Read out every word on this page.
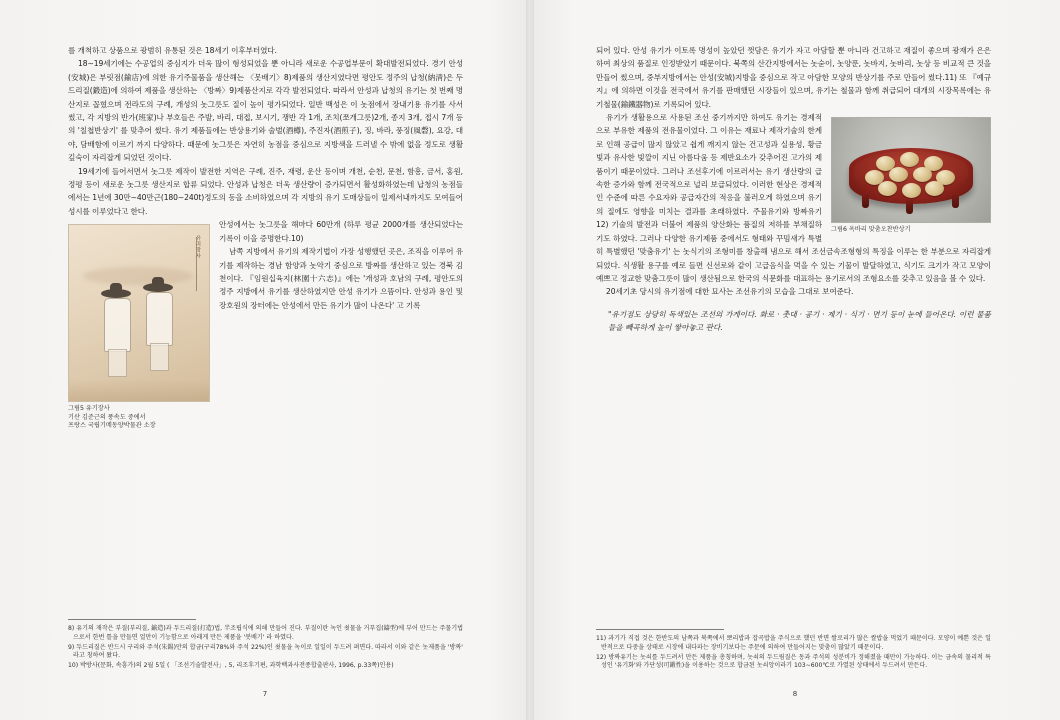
를 개척하고 상품으로 광범히 유통된 것은 18세기 이후부터였다.

18∼19세기에는 수공업의 중심지가 더욱 많이 형성되었을 뿐 아니라 새로운 수공업부문이 확대발전되었다. 경기 안성(安城)은 부릿점(鍮店)에 의한 유기주물품을 생산해는 〈못배기〉8)제품의 생산지였다면 평안도 정주의 납청(納淸)은 두드리질(鍛造)에 의하여 제품을 생산하는 〈방짜〉9)제품산지로 각각 발전되었다. 따라서 안성과 납청의 유기는 첫 번째 명산지로 꼽혔으며 전라도의 구례, 개성의 놋그릇도 질이 높이 평가되었다. 일반 백성은 이 놋점에서 장내기용 유기를 사서 썼고, 각 지방의 반가(班家)나 부호들은 주발, 바리, 대접, 보시기, 쟁반 각 1개, 조치(쪼개그릇)2개, 종지 3개, 접시 7개 등의 '칠첩반상기' 를 맞추어 썼다. 유기 제품들에는 반상용기와 술벌(酒樽), 주진자(酒煎子), 징, 바라, 풍징(風磬), 요강, 대야, 담배함에 이르기 까지 다양하다. 때문에 놋그릇은 자연히 농점을 중심으로 지방색을 드러낼 수 밖에 없을 정도로 생활 깊숙이 자리잡게 되었던 것이다.

19세기에 들어서면서 놋그릇 제작이 발전한 지역은 구례, 진주, 재령, 운산 등이며 개천, 순천, 문천, 함흥, 금서, 홍원, 정평 등이 새로운 놋그릇 생산지로 합류 되었다. 안성과 납청은 더욱 생산량이 증가되면서 활성화하였는데 납청의 농점들에서는 1년에 30만∼40만근(180∼240t)정도의 동을 소비하였으며 각 지방의 유기 도매상들이 일제서내까지도 모여들어 성시를 이루었다고 한다.

유긔장사
그림5 유기장사
기산 김준근의 풍속도 중에서
프랑스 국립기메동양박물관 소장

안성에서는 놋그릇을 해마다 60만개 (하루 평균 2000개를 생산되었다는 기록이 이을 증명한다.10)

남쪽 지방에서 유기의 제작기법이 가장 성행했던 곳은, 조직을 이루어 유기를 제작하는 경남 함양과 놋악기 중심으로 방짜를 생산하고 있는 경북 김천이다. 『임원십육지(林園十六志)』에는 '개성과 호남의 구례, 평안도의 정주 지방에서 유기를 생산하였지만 안성 유기가 으뜸이다. 안성과 용인 및 장호원의 장터에는 안성에서 만든 유기가 많이 나온다' 고 기록

8) 유기의 재작은 부질(부리질, 鍮造)과 두드리질(打造)법, 半조립식에 의해 만들어 진다. 부질이란 녹인 쇳물을 거푸집(鑄型)에 부어 만드는 주물기법으로서 한번 틀을 만들면 얼만이 기능함으로 아래게 만든 제품을 '봇배기' 라 하였다.

9) 두드리질은 반드시 구리와 주석(朱錫)만의 합금(구리78%와 주석 22%)인 쇳물을 녹이로 일일이 두드려 펴면다. 따라서 이와 같은 놋제품을 '방짜' 라고 칭하여 왔다.

10) 박방사(문화, 속흥가)의 2월 5일 ( 「조선기술발전사」, 5, 리조후기편, 과학백과사전종합출판사, 1996, p.33쪽)인용)

7

되어 있다. 안성 유기가 이토록 명성이 높았던 껏담은 유기가 자고 아담할 뿐 아니라 건고하고 재질이 좋으며 광재가 은은하여 최상의 품질로 인정받았기 때문이다. 북쪽의 산간지방에서는 놋숟이, 놋양푼, 놋바지, 놋바리, 놋상 등 비교적 큰 것을 만들어 썼으며, 중부지방에서는 안성(安城)지방을 중심으로 작고 아담한 모양의 반상기를 주로 만들어 썼다.11) 또 『예규지』에 의하면 이것을 전국에서 유기를 판매했던 시장들이 있으며, 유기는 철물과 함께 취급되어 대개의 시장목록에는 유기철물(鍮鐵器物)로 기록되어 있다.

그림6 옥바리 맞춤오찬반상기

유기가 생활용으로 사용된 조선 중기까지만 하여도 유기는 경제적으로 부유한 제품의 전유물이었다. 그 이유는 재료나 제작기술의 한계로 인해 공급이 많지 않았고 쉽게 깨지지 않는 건고성과 실용성, 황금빛과 유사한 빛깔이 지닌 아름다움 등 제반요소가 갖추어진 고가의 제품이기 때문이었다. 그러나 조선후기에 이르러서는 유기 생산량의 급속한 증가와 함께 전국적으로 널리 보급되었다. 이러한 현상은 경제적인 수준에 따른 수요자와 공급자간의 적응을 불러오게 하였으며 유기의 질에도 영향을 미치는 결과를 초래하였다. 주물유기와 방짜유기12) 기술의 발전과 더불어 제품의 양산화는 품질의 저하를 부채질하기도 하였다. 그러나 다양한 유기제품 중에서도 형태와 꾸밈새가 특별히 특별했던 '맞춤유기' 는 놋식기의 조형미를 창출해 냄으로 해서 조선금속조형형의 특징을 이루는 한 부분으로 자리잡게 되었다. 식생활 용구를 예로 들면 신선로와 같이 고급음식을 먹을 수 있는 기물이 발달하였고, 식기도 크기가 작고 모양이 예쁘고 정교한 맞춤그릇이 많이 생산됨으로 한국의 식문화를 대표하는 용기로서의 조형요소를 갖추고 있음을 볼 수 있다.

20세기초 당시의 유기점에 대한 묘사는 조선유기의 모습을 그대로 보여준다.

"유기점도 상당히 독색있는 조선의 가게이다. 화로 · 촛대 · 공기 · 제기 · 식기 · 면기 등이 눈에 들어온다. 이런 물품들을 빼곡하게 높이 쌓아놓고 판다.

11) 과기가 직접 것은 한반도의 남쪽과 북쪽에서 뽀리밥과 잡곡밥을 주식으로 했던 반면 쌀로리가 많은 쌀밥을 먹었기 때문이다. 모양이 예쁜 것은 일반적으로 다중을 상태로 시장에 내다파는 장비기보다는 주문에 의하여 만들어지는 맞춤이 많았기 때문이다.

12) 방짜유기는 놋쇠를 두드려서 만든 제품을 총칭하며, 놋쇠의 두드림질은 동과 주석의 성분비가 정해졌을 때만이 가능하다. 이는 금속의 물리적 특성인 '유기화'와 가단성(可鍛性)을 이용하는 것으로 합금된 놋쇠앙이라기 103∼600℃로 가열된 상태에서 두드려서 만든다.

8
